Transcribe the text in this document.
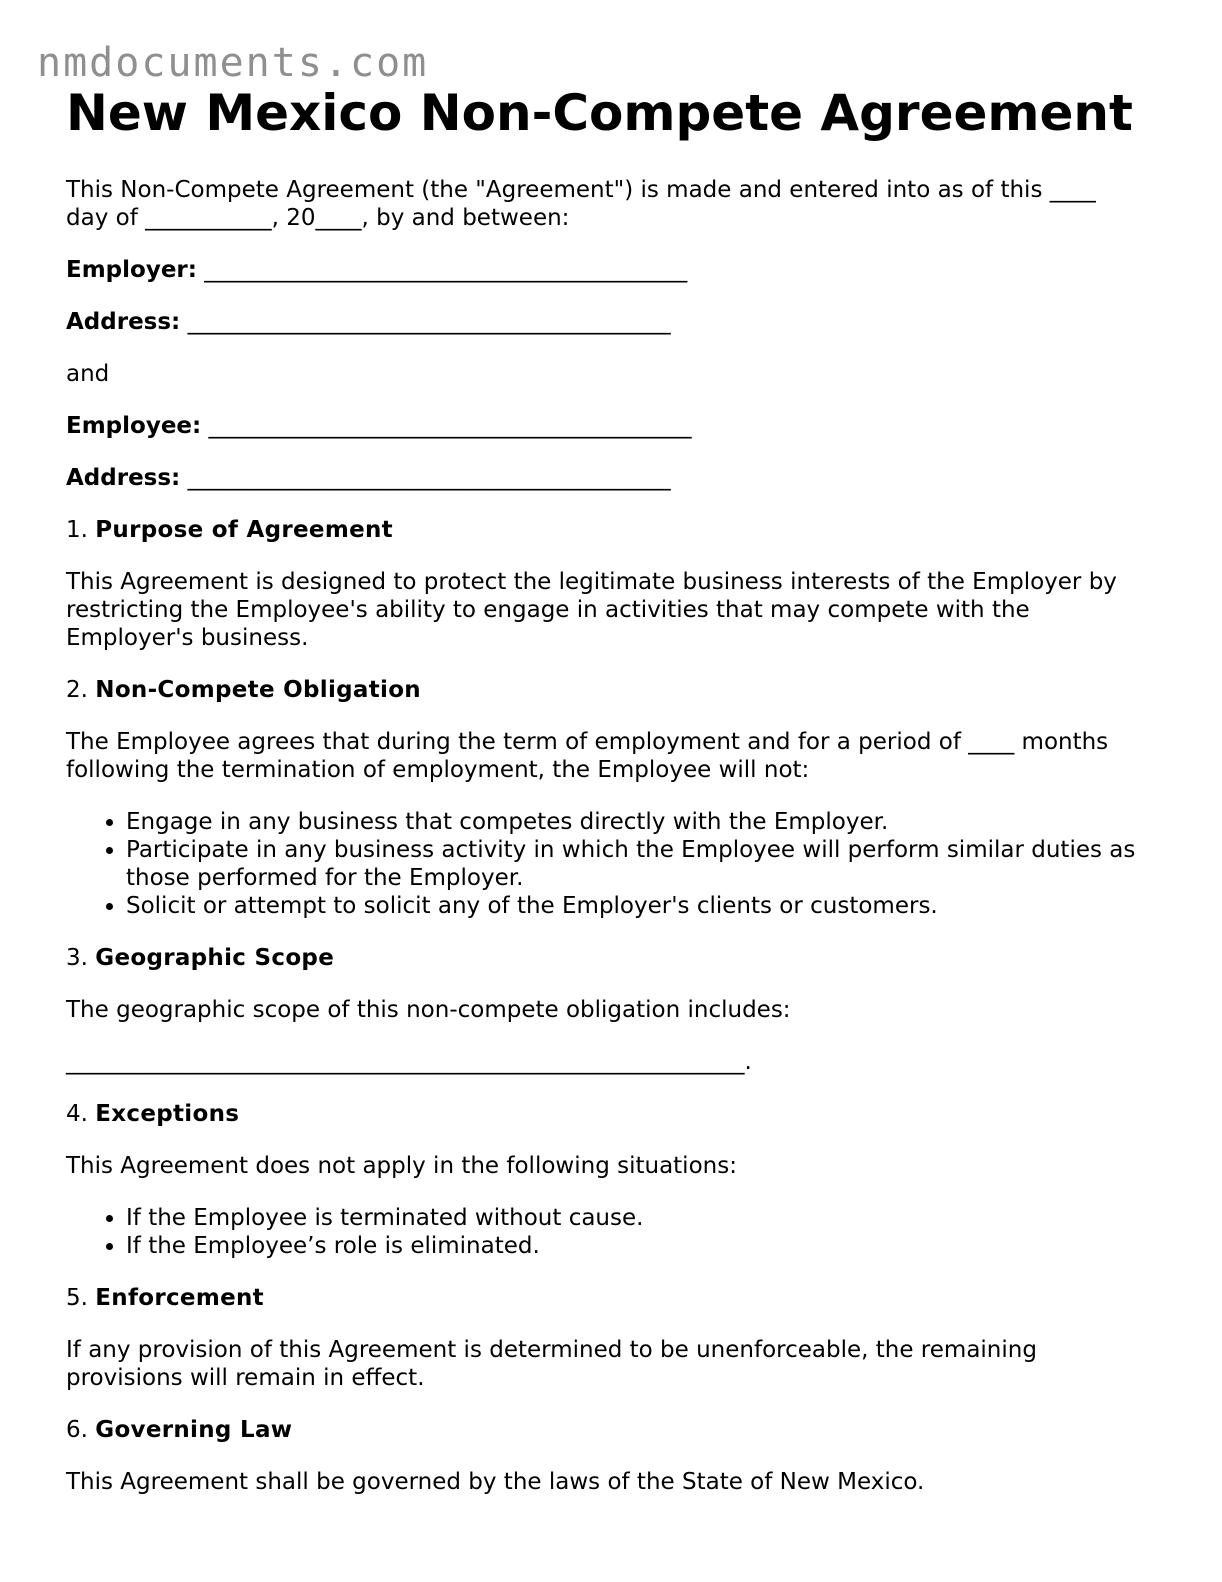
nmdocuments.com
New Mexico Non-Compete Agreement

This Non-Compete Agreement (the "Agreement") is made and entered into as of this ____

day of ___________, 20____, by and between:

Employer: __________________________________________

Address: __________________________________________

and

Employee: __________________________________________

Address: __________________________________________

1. Purpose of Agreement

This Agreement is designed to protect the legitimate business interests of the Employer by restricting the Employee's ability to engage in activities that may compete with the Employer's business.

2. Non-Compete Obligation

The Employee agrees that during the term of employment and for a period of ____ months following the termination of employment, the Employee will not:

• Engage in any business that competes directly with the Employer.
• Participate in any business activity in which the Employee will perform similar duties as those performed for the Employer.
• Solicit or attempt to solicit any of the Employer's clients or customers.

3. Geographic Scope

The geographic scope of this non-compete obligation includes:

___________________________________________________________.

4. Exceptions

This Agreement does not apply in the following situations:

• If the Employee is terminated without cause.
• If the Employee’s role is eliminated.

5. Enforcement

If any provision of this Agreement is determined to be unenforceable, the remaining provisions will remain in effect.

6. Governing Law

This Agreement shall be governed by the laws of the State of New Mexico.
